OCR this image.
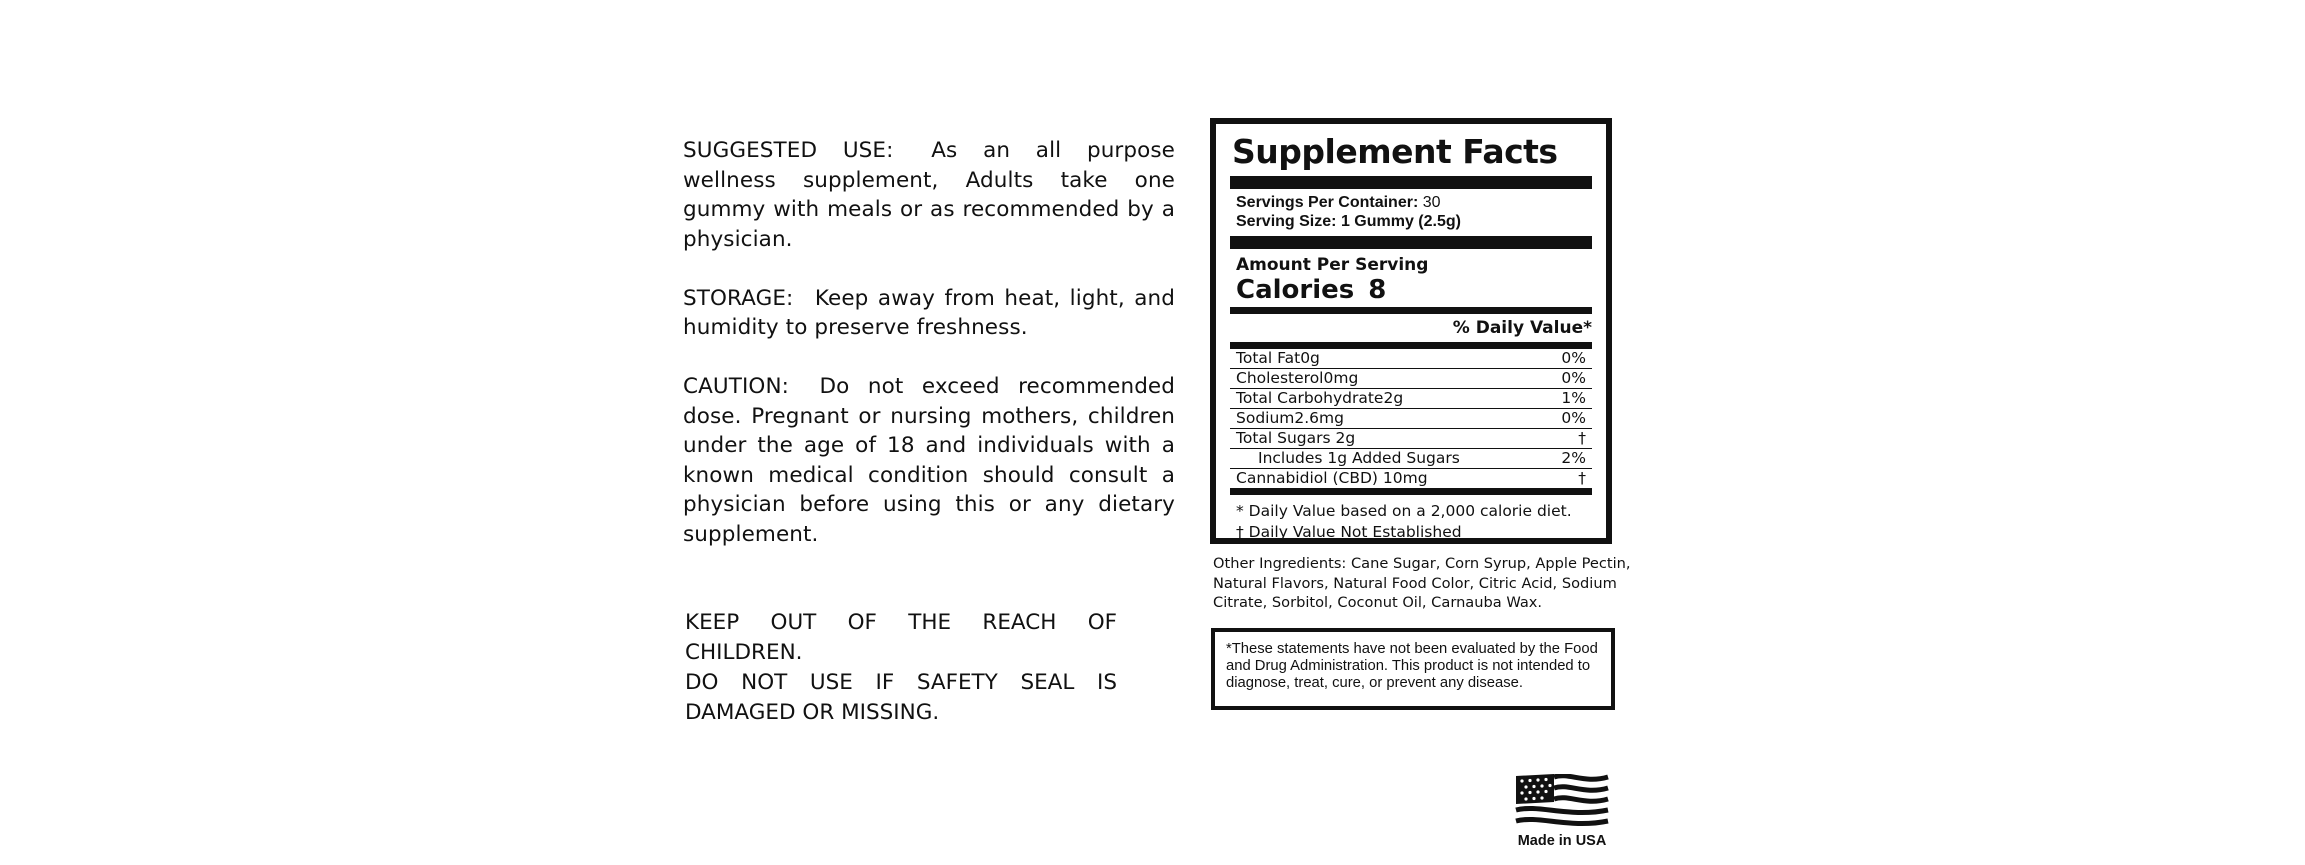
SUGGESTED USE: As an all purpose wellness supplement, Adults take one gummy with meals or as recommended by a physician.

STORAGE: Keep away from heat, light, and humidity to preserve freshness.

CAUTION: Do not exceed recommended dose. Pregnant or nursing mothers, children under the age of 18 and individuals with a known medical condition should consult a physician before using this or any dietary supplement.

KEEP OUT OF THE REACH OF CHILDREN.
DO NOT USE IF SAFETY SEAL IS
DAMAGED OR MISSING.
Supplement Facts
Servings Per Container: 30
Serving Size: 1 Gummy (2.5g)
Amount Per Serving
Calories 8
% Daily Value*
Total Fat0g	0%
Cholesterol0mg	0%
Total Carbohydrate2g	1%
Sodium2.6mg	0%
Total Sugars 2g	†
Includes 1g Added Sugars	2%
Cannabidiol (CBD) 10mg	†
* Daily Value based on a 2,000 calorie diet.
† Daily Value Not Established
Other Ingredients: Cane Sugar, Corn Syrup, Apple Pectin, Natural Flavors, Natural Food Color, Citric Acid, Sodium Citrate, Sorbitol, Coconut Oil, Carnauba Wax.
*These statements have not been evaluated by the Food and Drug Administration. This product is not intended to diagnose, treat, cure, or prevent any disease.
Made in USA
